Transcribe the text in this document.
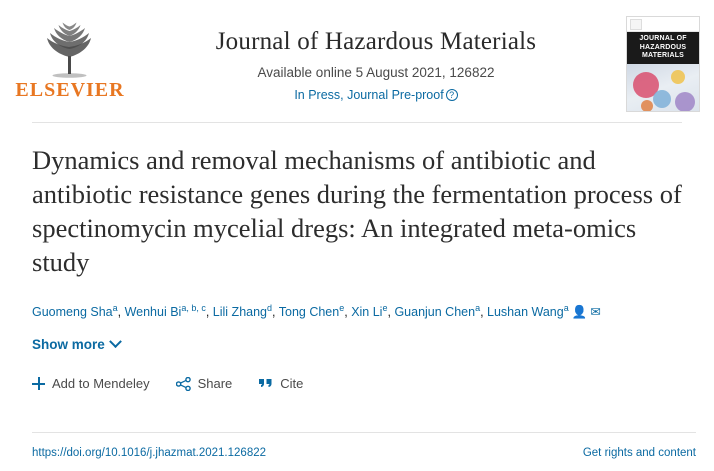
ELSEVIER
Journal of Hazardous Materials
Available online 5 August 2021, 126822
In Press, Journal Pre-proof ?
JOURNAL OF
HAZARDOUS
MATERIALS
Dynamics and removal mechanisms of antibiotic and antibiotic resistance genes during the fermentation process of spectinomycin mycelial dregs: An integrated meta-omics study
Guomeng Sha$^a$, Wenhui Bi$^{a, b, c}$, Lili Zhang$^d$, Tong Chen$^e$, Xin Li$^e$, Guanjun Chen$^a$, Lushan Wang$^a$ 👤 ✉
Show more
Add to Mendeley	Share	Cite
https://doi.org/10.1016/j.jhazmat.2021.126822	Get rights and content
